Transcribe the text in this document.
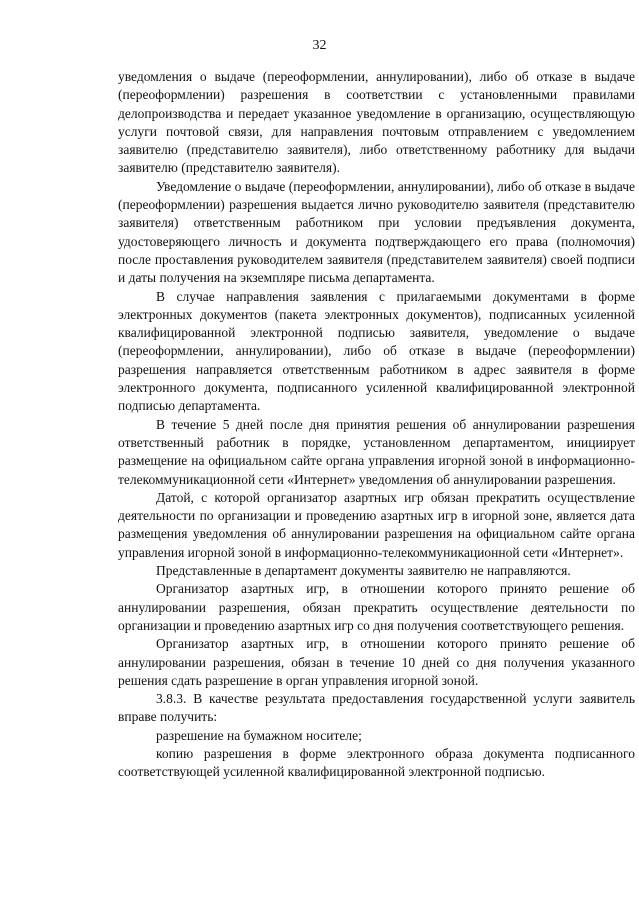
32

уведомления о выдаче (переоформлении, аннулировании), либо об отказе в выдаче (переоформлении) разрешения в соответствии с установленными правилами делопроизводства и передает указанное уведомление в организацию, осуществляющую услуги почтовой связи, для направления почтовым отправлением с уведомлением заявителю (представителю заявителя), либо ответственному работнику для выдачи заявителю (представителю заявителя).

Уведомление о выдаче (переоформлении, аннулировании), либо об отказе в выдаче (переоформлении) разрешения выдается лично руководителю заявителя (представителю заявителя) ответственным работником при условии предъявления документа, удостоверяющего личность и документа подтверждающего его права (полномочия) после проставления руководителем заявителя (представителем заявителя) своей подписи и даты получения на экземпляре письма департамента.

В случае направления заявления с прилагаемыми документами в форме электронных документов (пакета электронных документов), подписанных усиленной квалифицированной электронной подписью заявителя, уведомление о выдаче (переоформлении, аннулировании), либо об отказе в выдаче (переоформлении) разрешения направляется ответственным работником в адрес заявителя в форме электронного документа, подписанного усиленной квалифицированной электронной подписью департамента.

В течение 5 дней после дня принятия решения об аннулировании разрешения ответственный работник в порядке, установленном департаментом, инициирует размещение на официальном сайте органа управления игорной зоной в информационно-телекоммуникационной сети «Интернет» уведомления об аннулировании разрешения.

Датой, с которой организатор азартных игр обязан прекратить осуществление деятельности по организации и проведению азартных игр в игорной зоне, является дата размещения уведомления об аннулировании разрешения на официальном сайте органа управления игорной зоной в информационно-телекоммуникационной сети «Интернет».

Представленные в департамент документы заявителю не направляются.

Организатор азартных игр, в отношении которого принято решение об аннулировании разрешения, обязан прекратить осуществление деятельности по организации и проведению азартных игр со дня получения соответствующего решения.

Организатор азартных игр, в отношении которого принято решение об аннулировании разрешения, обязан в течение 10 дней со дня получения указанного решения сдать разрешение в орган управления игорной зоной.

3.8.3. В качестве результата предоставления государственной услуги заявитель вправе получить:

разрешение на бумажном носителе;

копию разрешения в форме электронного образа документа подписанного соответствующей усиленной квалифицированной электронной подписью.
